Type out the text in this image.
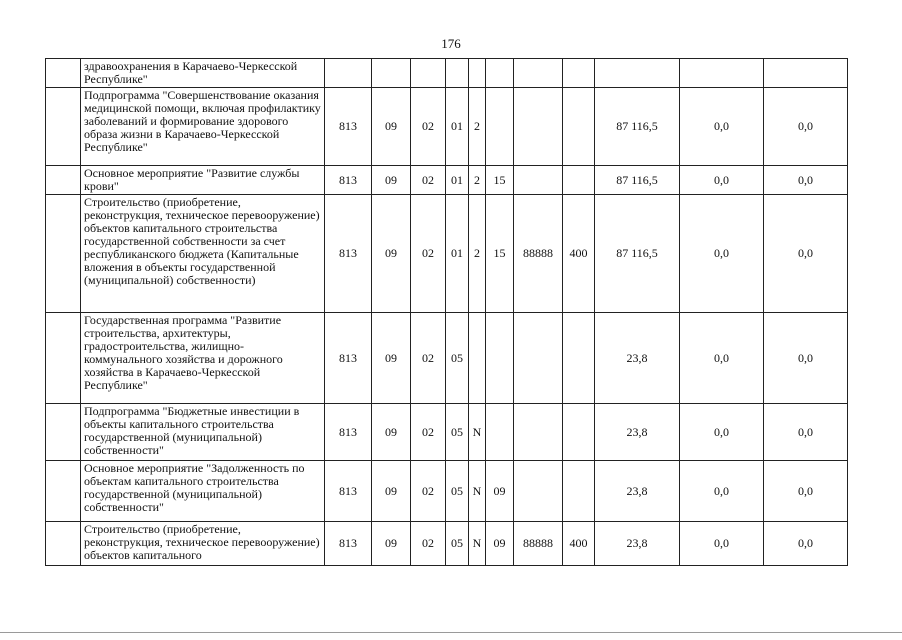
176
	здравоохранения в Карачаево-Черкесской Республике"											
	Подпрограмма "Совершенствование оказания медицинской помощи, включая профилактику заболеваний и формирование здорового образа жизни в Карачаево-Черкесской Республике"	813	09	02	01	2				87 116,5	0,0	0,0
	Основное мероприятие "Развитие службы крови"	813	09	02	01	2	15			87 116,5	0,0	0,0
	Строительство (приобретение, реконструкция, техническое перевооружение) объектов капитального строительства государственной собственности за счет республиканского бюджета (Капитальные вложения в объекты государственной (муниципальной) собственности)	813	09	02	01	2	15	88888	400	87 116,5	0,0	0,0
	Государственная программа "Развитие строительства, архитектуры, градостроительства, жилищно-коммунального хозяйства и дорожного хозяйства в Карачаево-Черкесской Республике"	813	09	02	05					23,8	0,0	0,0
	Подпрограмма "Бюджетные инвестиции в объекты капитального строительства государственной (муниципальной) собственности"	813	09	02	05	N				23,8	0,0	0,0
	Основное мероприятие "Задолженность по объектам капитального строительства государственной (муниципальной) собственности"	813	09	02	05	N	09			23,8	0,0	0,0
	Строительство (приобретение, реконструкция, техническое перевооружение) объектов капитального	813	09	02	05	N	09	88888	400	23,8	0,0	0,0
